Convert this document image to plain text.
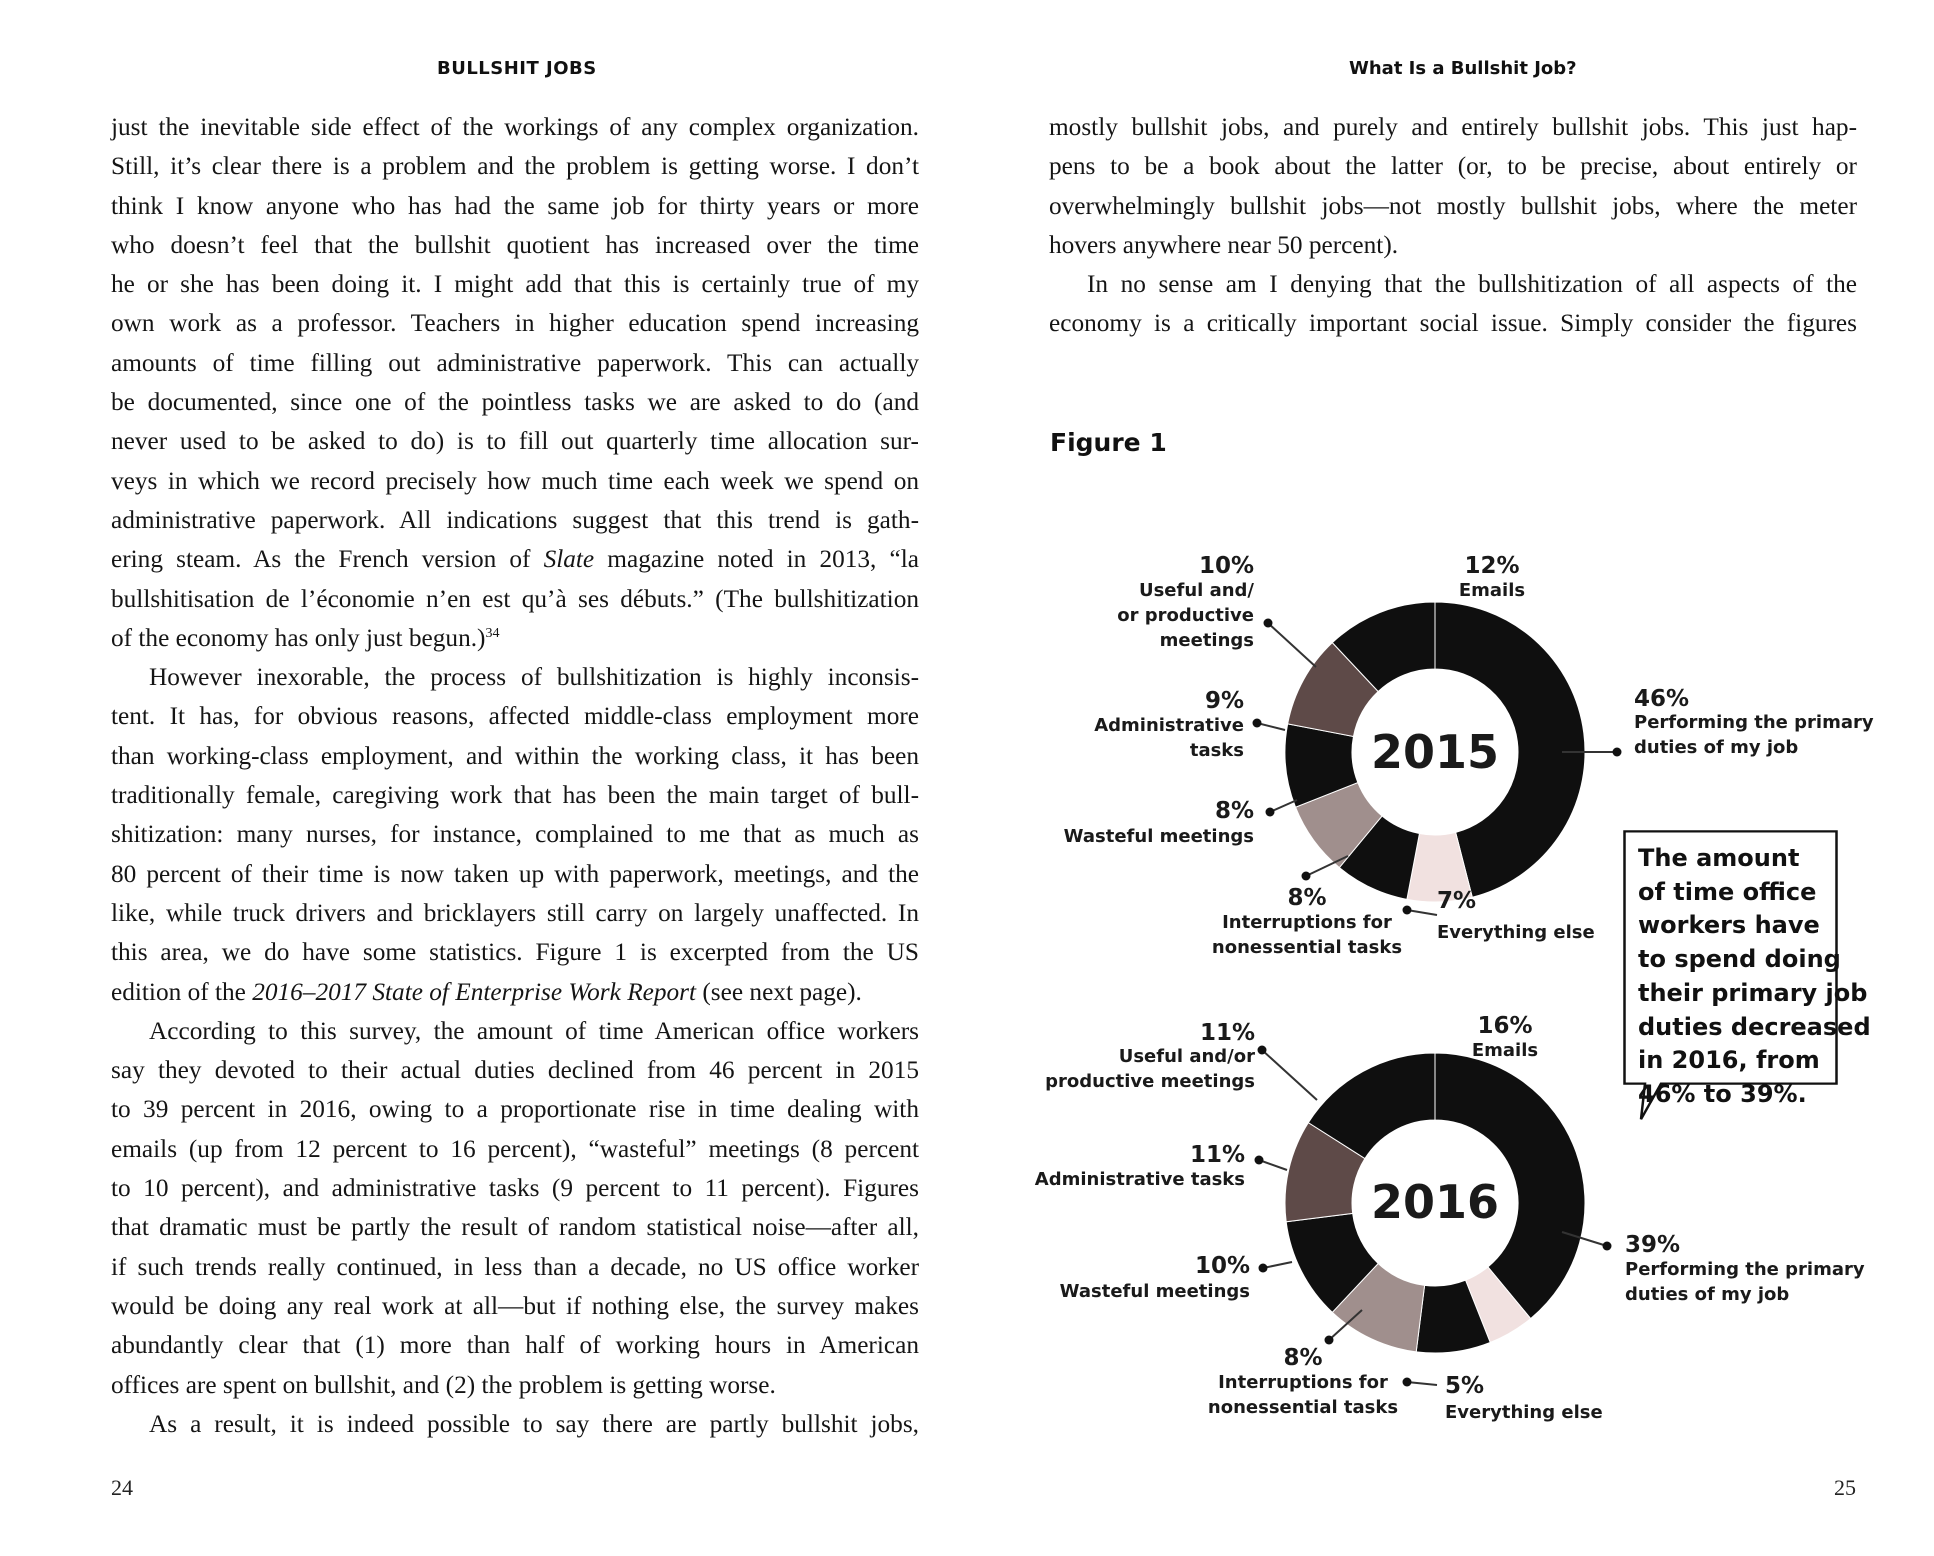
BULLSHIT JOBS
just the inevitable side effect of the workings of any complex organization.
Still, it’s clear there is a problem and the problem is getting worse. I don’t
think I know anyone who has had the same job for thirty years or more
who doesn’t feel that the bullshit quotient has increased over the time
he or she has been doing it. I might add that this is certainly true of my
own work as a professor. Teachers in higher education spend increasing
amounts of time filling out administrative paperwork. This can actually
be documented, since one of the pointless tasks we are asked to do (and
never used to be asked to do) is to fill out quarterly time allocation sur-
veys in which we record precisely how much time each week we spend on
administrative paperwork. All indications suggest that this trend is gath-
ering steam. As the French version of Slate magazine noted in 2013, “la
bullshitisation de l’économie n’en est qu’à ses débuts.” (The bullshitization
of the economy has only just begun.)$^{34}$
However inexorable, the process of bullshitization is highly inconsis-
tent. It has, for obvious reasons, affected middle-class employment more
than working-class employment, and within the working class, it has been
traditionally female, caregiving work that has been the main target of bull-
shitization: many nurses, for instance, complained to me that as much as
80 percent of their time is now taken up with paperwork, meetings, and the
like, while truck drivers and bricklayers still carry on largely unaffected. In
this area, we do have some statistics. Figure 1 is excerpted from the US
edition of the 2016–2017 State of Enterprise Work Report (see next page).
According to this survey, the amount of time American office workers
say they devoted to their actual duties declined from 46 percent in 2015
to 39 percent in 2016, owing to a proportionate rise in time dealing with
emails (up from 12 percent to 16 percent), “wasteful” meetings (8 percent
to 10 percent), and administrative tasks (9 percent to 11 percent). Figures
that dramatic must be partly the result of random statistical noise—after all,
if such trends really continued, in less than a decade, no US office worker
would be doing any real work at all—but if nothing else, the survey makes
abundantly clear that (1) more than half of working hours in American
offices are spent on bullshit, and (2) the problem is getting worse.
As a result, it is indeed possible to say there are partly bullshit jobs,
24
What Is a Bullshit Job?
mostly bullshit jobs, and purely and entirely bullshit jobs. This just hap-
pens to be a book about the latter (or, to be precise, about entirely or
overwhelmingly bullshit jobs—not mostly bullshit jobs, where the meter
hovers anywhere near 50 percent).
In no sense am I denying that the bullshitization of all aspects of the
economy is a critically important social issue. Simply consider the figures
Figure 1
2015
46%
Performing the primary
duties of my job
7%
Everything else
8%
Interruptions for
nonessential tasks
8%
Wasteful meetings
9%
Administrative
tasks
10%
Useful and/
or productive
meetings
12%
Emails
2016
39%
Performing the primary
duties of my job
5%
Everything else
8%
Interruptions for
nonessential tasks
10%
Wasteful meetings
11%
Administrative tasks
11%
Useful and/or
productive meetings
16%
Emails
The amount
of time office
workers have
to spend doing
their primary job
duties decreased
in 2016, from
46% to 39%.
25
